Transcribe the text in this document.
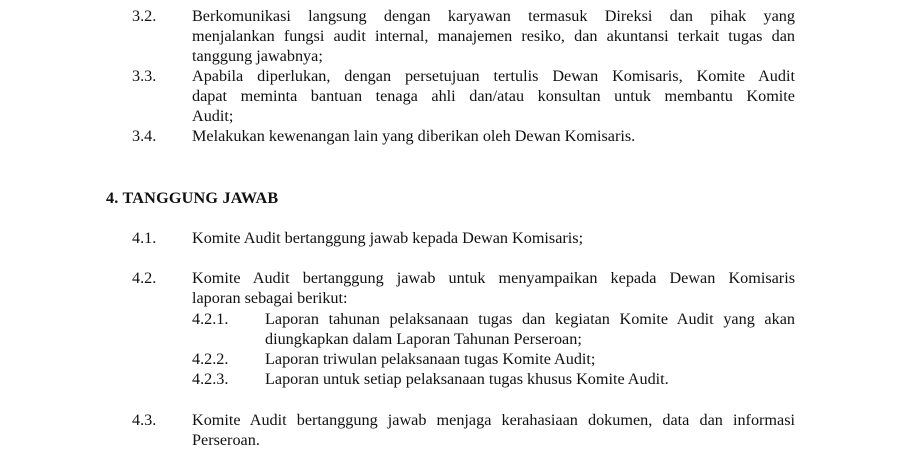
3.2. Berkomunikasi langsung dengan karyawan termasuk Direksi dan pihak yang
menjalankan fungsi audit internal, manajemen resiko, dan akuntansi terkait tugas dan
tanggung jawabnya;
3.3. Apabila diperlukan, dengan persetujuan tertulis Dewan Komisaris, Komite Audit
dapat meminta bantuan tenaga ahli dan/atau konsultan untuk membantu Komite
Audit;
3.4. Melakukan kewenangan lain yang diberikan oleh Dewan Komisaris.
4. TANGGUNG JAWAB
4.1. Komite Audit bertanggung jawab kepada Dewan Komisaris;
4.2. Komite Audit bertanggung jawab untuk menyampaikan kepada Dewan Komisaris
laporan sebagai berikut:
4.2.1. Laporan tahunan pelaksanaan tugas dan kegiatan Komite Audit yang akan
diungkapkan dalam Laporan Tahunan Perseroan;
4.2.2. Laporan triwulan pelaksanaan tugas Komite Audit;
4.2.3. Laporan untuk setiap pelaksanaan tugas khusus Komite Audit.
4.3. Komite Audit bertanggung jawab menjaga kerahasiaan dokumen, data dan informasi
Perseroan.
